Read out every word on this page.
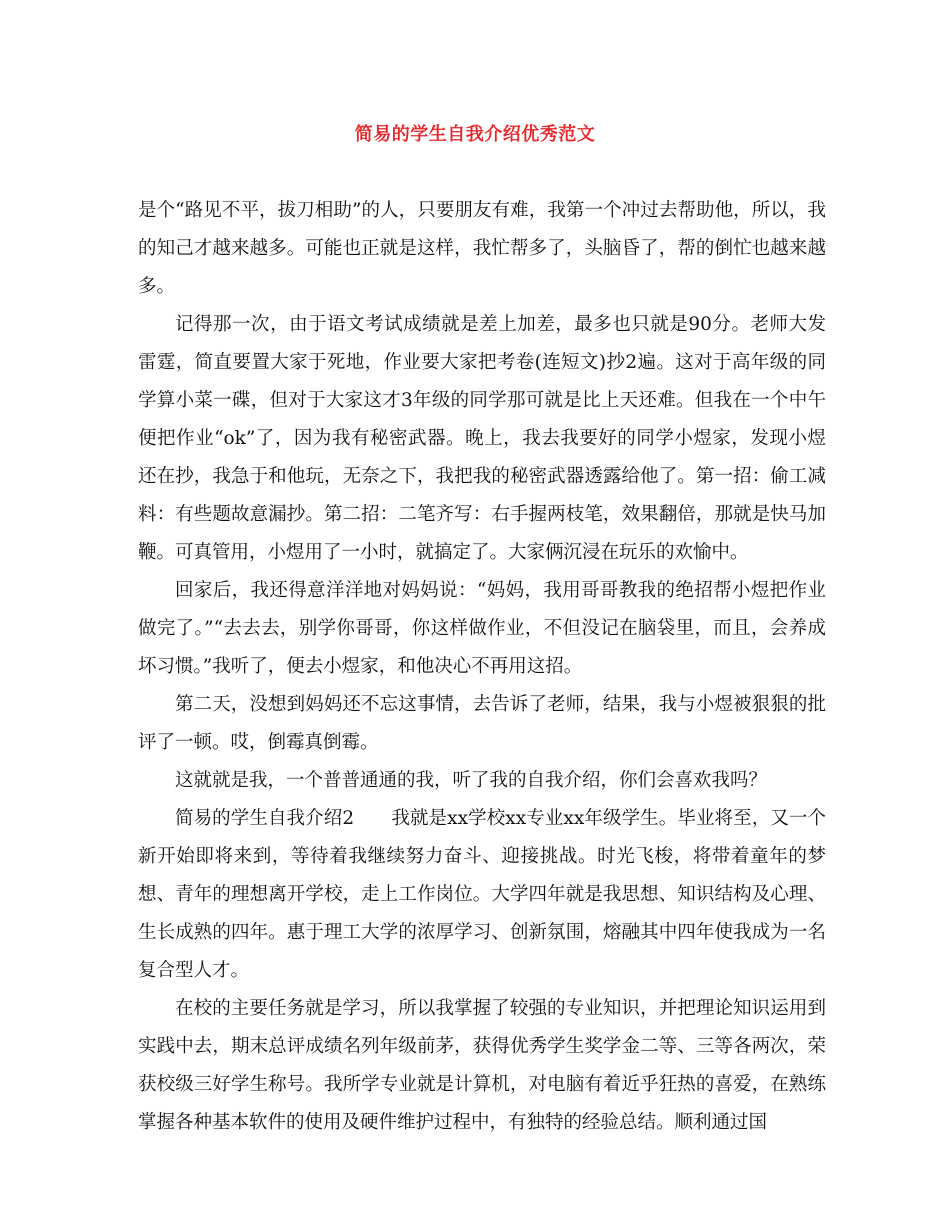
简易的学生自我介绍优秀范文

是个“路见不平，拔刀相助”的人，只要朋友有难，我第一个冲过去帮助他，所以，我的知己才越来越多。可能也正就是这样，我忙帮多了，头脑昏了，帮的倒忙也越来越多。

记得那一次，由于语文考试成绩就是差上加差，最多也只就是90分。老师大发雷霆，简直要置大家于死地，作业要大家把考卷(连短文)抄2遍。这对于高年级的同学算小菜一碟，但对于大家这才3年级的同学那可就是比上天还难。但我在一个中午便把作业“ok”了，因为我有秘密武器。晚上，我去我要好的同学小煜家，发现小煜还在抄，我急于和他玩，无奈之下，我把我的秘密武器透露给他了。第一招：偷工减料：有些题故意漏抄。第二招：二笔齐写：右手握两枝笔，效果翻倍，那就是快马加鞭。可真管用，小煜用了一小时，就搞定了。大家俩沉浸在玩乐的欢愉中。

回家后，我还得意洋洋地对妈妈说：“妈妈，我用哥哥教我的绝招帮小煜把作业做完了。”“去去去，别学你哥哥，你这样做作业，不但没记在脑袋里，而且，会养成坏习惯。”我听了，便去小煜家，和他决心不再用这招。

第二天，没想到妈妈还不忘这事情，去告诉了老师，结果，我与小煜被狠狠的批评了一顿。哎，倒霉真倒霉。

这就就是我，一个普普通通的我，听了我的自我介绍，你们会喜欢我吗？

简易的学生自我介绍2　　我就是xx学校xx专业xx年级学生。毕业将至，又一个新开始即将来到，等待着我继续努力奋斗、迎接挑战。时光飞梭，将带着童年的梦想、青年的理想离开学校，走上工作岗位。大学四年就是我思想、知识结构及心理、生长成熟的四年。惠于理工大学的浓厚学习、创新氛围，熔融其中四年使我成为一名复合型人才。

在校的主要任务就是学习，所以我掌握了较强的专业知识，并把理论知识运用到实践中去，期末总评成绩名列年级前茅，获得优秀学生奖学金二等、三等各两次，荣获校级三好学生称号。我所学专业就是计算机，对电脑有着近乎狂热的喜爱，在熟练掌握各种基本软件的使用及硬件维护过程中，有独特的经验总结。顺利通过国
